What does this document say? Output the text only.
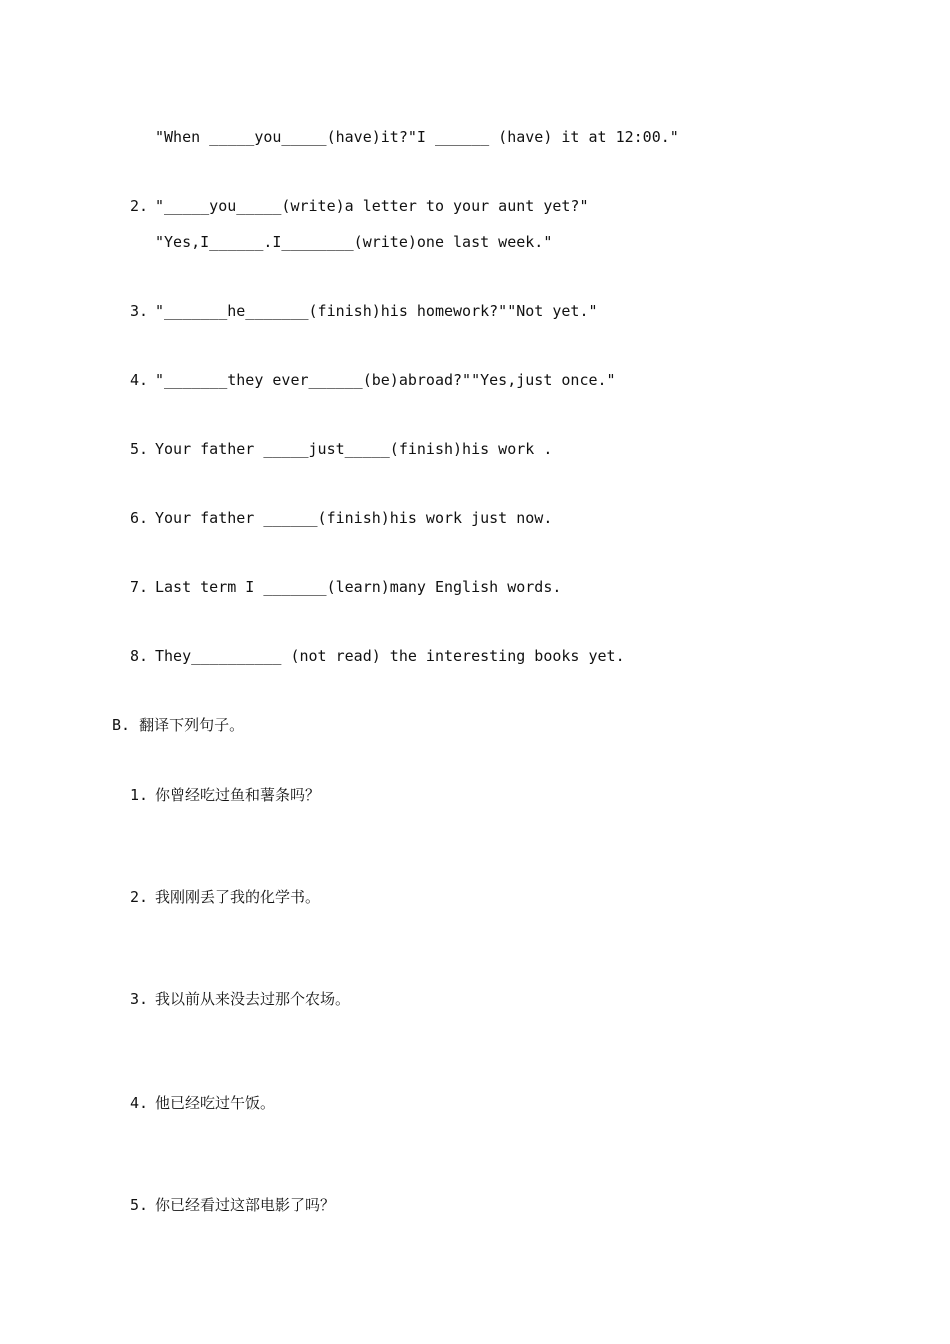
"When _____you_____(have)it?"I ______ (have) it at 12:00."
2. "_____you_____(write)a letter to your aunt yet?"
"Yes,I______.I________(write)one last week."
3. "_______he_______(finish)his homework?""Not yet."
4. "_______they ever______(be)abroad?""Yes,just once."
5. Your father _____just_____(finish)his work .
6. Your father ______(finish)his work just now.
7. Last term I _______(learn)many English words.
8. They__________ (not read) the interesting books yet.
B. 翻译下列句子。
1. 你曾经吃过鱼和薯条吗？
2. 我刚刚丢了我的化学书。
3. 我以前从来没去过那个农场。
4. 他已经吃过午饭。
5. 你已经看过这部电影了吗？
